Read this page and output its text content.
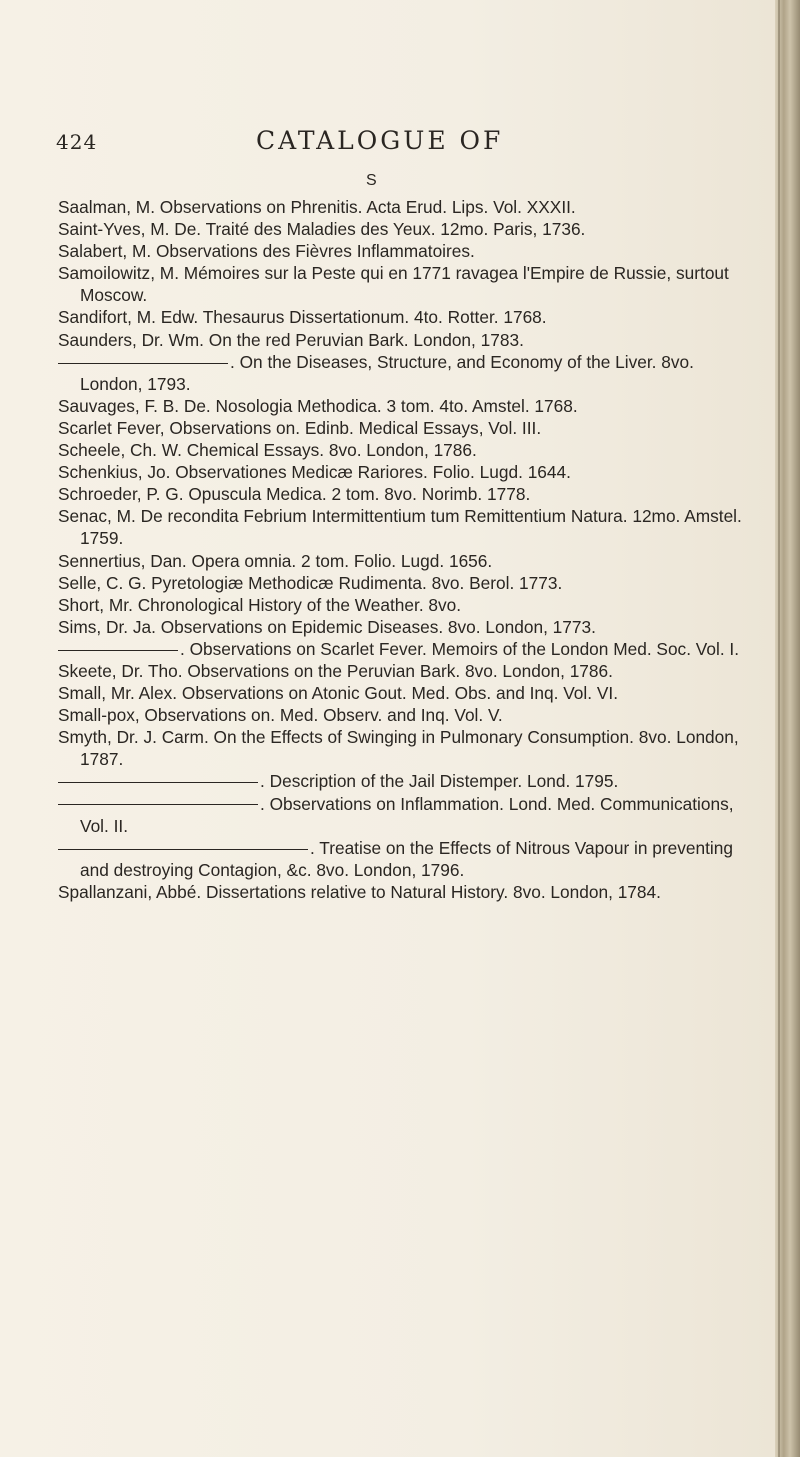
424	CATALOGUE OF
S

Saalman, M. Observations on Phrenitis. Acta Erud. Lips. Vol. XXXII.

Saint-Yves, M. De. Traité des Maladies des Yeux. 12mo. Paris, 1736.

Salabert, M. Observations des Fièvres Inflammatoires.

Samoilowitz, M. Mémoires sur la Peste qui en 1771 ravagea l'Empire de Russie, surtout Moscow.

Sandifort, M. Edw. Thesaurus Dissertationum. 4to. Rotter. 1768.

Saunders, Dr. Wm. On the red Peruvian Bark. London, 1783.

. On the Diseases, Structure, and Economy of the Liver. 8vo. London, 1793.

Sauvages, F. B. De. Nosologia Methodica. 3 tom. 4to. Amstel. 1768.

Scarlet Fever, Observations on. Edinb. Medical Essays, Vol. III.

Scheele, Ch. W. Chemical Essays. 8vo. London, 1786.

Schenkius, Jo. Observationes Medicæ Rariores. Folio. Lugd. 1644.

Schroeder, P. G. Opuscula Medica. 2 tom. 8vo. Norimb. 1778.

Senac, M. De recondita Febrium Intermittentium tum Remittentium Natura. 12mo. Amstel. 1759.

Sennertius, Dan. Opera omnia. 2 tom. Folio. Lugd. 1656.

Selle, C. G. Pyretologiæ Methodicæ Rudimenta. 8vo. Berol. 1773.

Short, Mr. Chronological History of the Weather. 8vo.

Sims, Dr. Ja. Observations on Epidemic Diseases. 8vo. London, 1773.

. Observations on Scarlet Fever. Memoirs of the London Med. Soc. Vol. I.

Skeete, Dr. Tho. Observations on the Peruvian Bark. 8vo. London, 1786.

Small, Mr. Alex. Observations on Atonic Gout. Med. Obs. and Inq. Vol. VI.

Small-pox, Observations on. Med. Observ. and Inq. Vol. V.

Smyth, Dr. J. Carm. On the Effects of Swinging in Pulmonary Consumption. 8vo. London, 1787.

. Description of the Jail Distemper. Lond. 1795.

. Observations on Inflammation. Lond. Med. Communications, Vol. II.

. Treatise on the Effects of Nitrous Vapour in preventing and destroying Contagion, &c. 8vo. London, 1796.

Spallanzani, Abbé. Dissertations relative to Natural History. 8vo. London, 1784.
